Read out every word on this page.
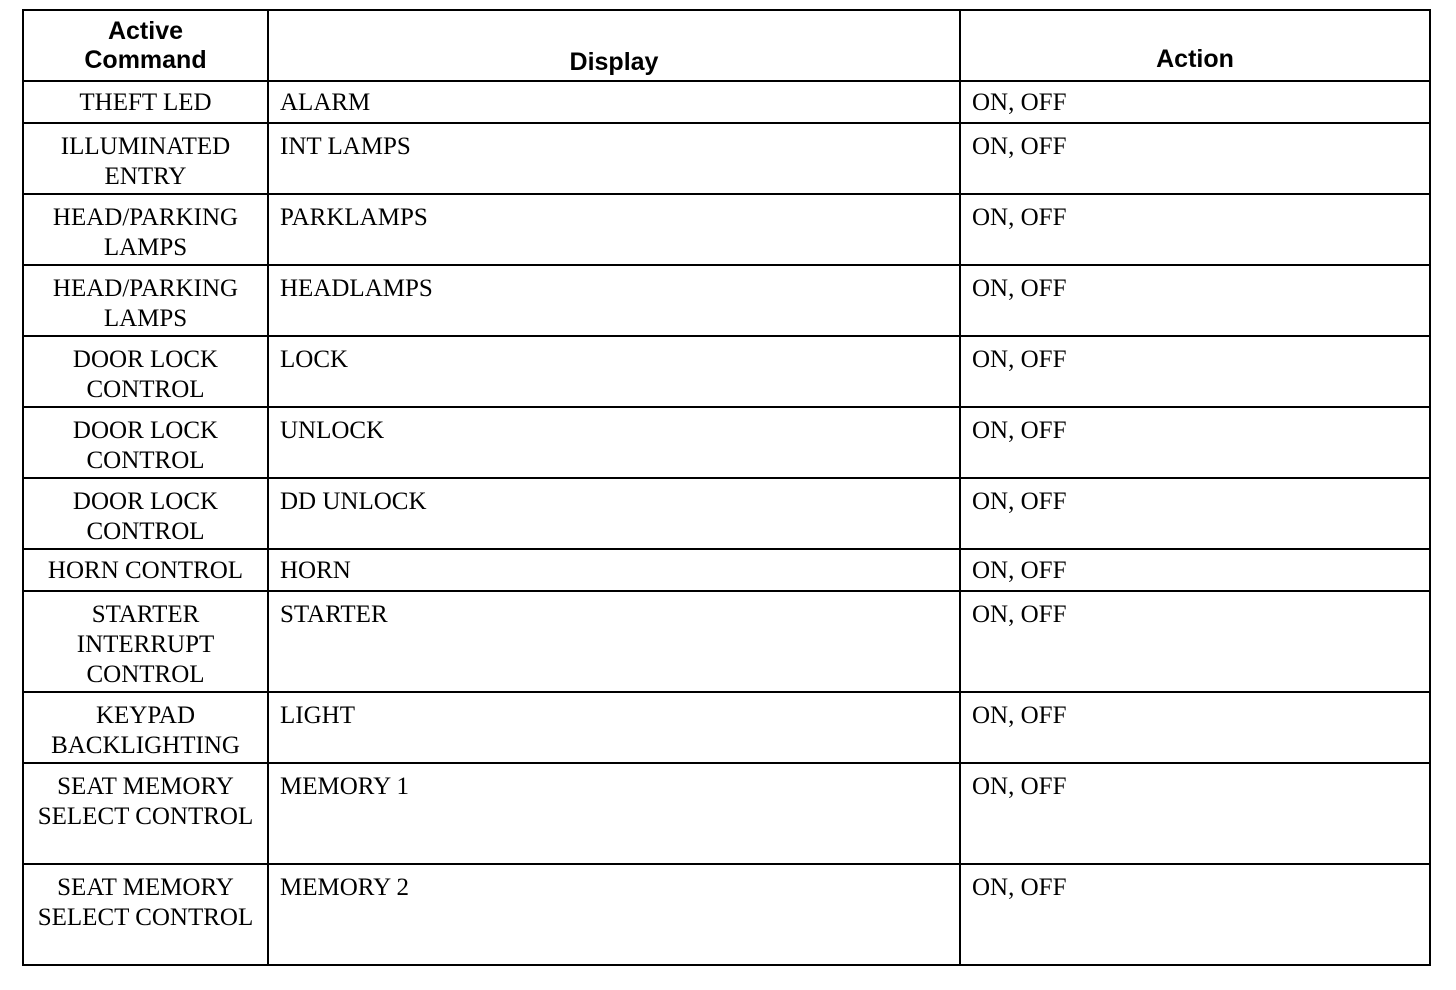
Active
Command	Display	Action
THEFT LED	ALARM	ON, OFF
ILLUMINATED ENTRY	INT LAMPS	ON, OFF
HEAD/PARKING LAMPS	PARKLAMPS	ON, OFF
HEAD/PARKING LAMPS	HEADLAMPS	ON, OFF
DOOR LOCK CONTROL	LOCK	ON, OFF
DOOR LOCK CONTROL	UNLOCK	ON, OFF
DOOR LOCK CONTROL	DD UNLOCK	ON, OFF
HORN CONTROL	HORN	ON, OFF
STARTER INTERRUPT CONTROL	STARTER	ON, OFF
KEYPAD BACKLIGHTING	LIGHT	ON, OFF
SEAT MEMORY SELECT CONTROL	MEMORY 1	ON, OFF
SEAT MEMORY SELECT CONTROL	MEMORY 2	ON, OFF
